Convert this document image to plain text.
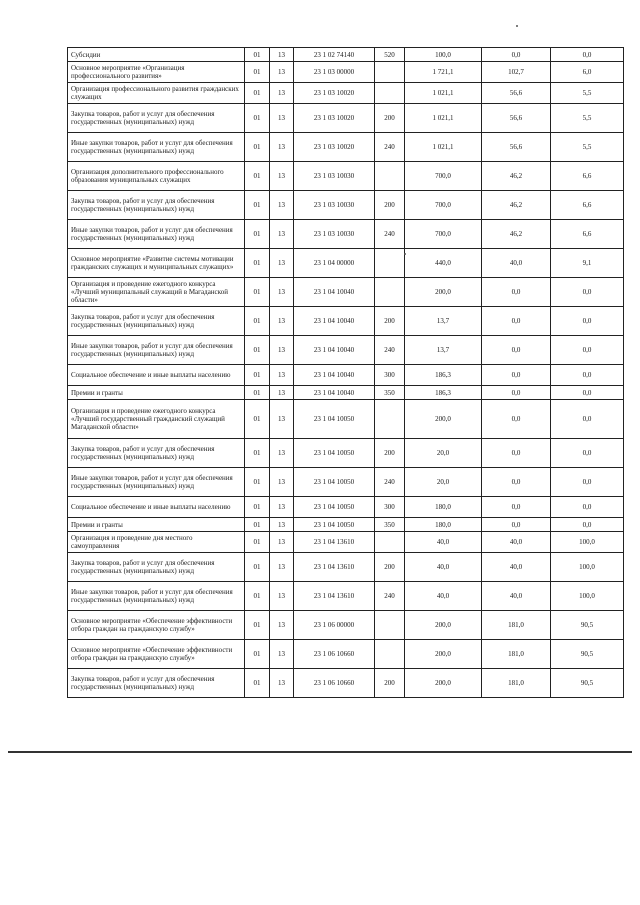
Субсидии	01	13	23 1 02 74140	520	100,0	0,0	0,0
Основное мероприятие «Организация профессионального развития»	01	13	23 1 03 00000		1 721,1	102,7	6,0
Организация профессионального развития гражданских служащих	01	13	23 1 03 10020		1 021,1	56,6	5,5
Закупка товаров, работ и услуг для обеспечения государственных (муниципальных) нужд	01	13	23 1 03 10020	200	1 021,1	56,6	5,5
Иные закупки товаров, работ и услуг для обеспечения государственных (муниципальных) нужд	01	13	23 1 03 10020	240	1 021,1	56,6	5,5
Организация дополнительного профессионального образования муниципальных служащих	01	13	23 1 03 10030		700,0	46,2	6,6
Закупка товаров, работ и услуг для обеспечения государственных (муниципальных) нужд	01	13	23 1 03 10030	200	700,0	46,2	6,6
Иные закупки товаров, работ и услуг для обеспечения государственных (муниципальных) нужд	01	13	23 1 03 10030	240	700,0	46,2	6,6
Основное мероприятие «Развитие системы мотивации гражданских служащих и муниципальных служащих»	01	13	23 1 04 00000		440,0	40,0	9,1
Организация и проведение ежегодного конкурса «Лучший муниципальный служащий в Магаданской области»	01	13	23 1 04 10040		200,0	0,0	0,0
Закупка товаров, работ и услуг для обеспечения государственных (муниципальных) нужд	01	13	23 1 04 10040	200	13,7	0,0	0,0
Иные закупки товаров, работ и услуг для обеспечения государственных (муниципальных) нужд	01	13	23 1 04 10040	240	13,7	0,0	0,0
Социальное обеспечение и иные выплаты населению	01	13	23 1 04 10040	300	186,3	0,0	0,0
Премии и гранты	01	13	23 1 04 10040	350	186,3	0,0	0,0
Организация и проведение ежегодного конкурса «Лучший государственный гражданский служащий Магаданской области»	01	13	23 1 04 10050		200,0	0,0	0,0
Закупка товаров, работ и услуг для обеспечения государственных (муниципальных) нужд	01	13	23 1 04 10050	200	20,0	0,0	0,0
Иные закупки товаров, работ и услуг для обеспечения государственных (муниципальных) нужд	01	13	23 1 04 10050	240	20,0	0,0	0,0
Социальное обеспечение и иные выплаты населению	01	13	23 1 04 10050	300	180,0	0,0	0,0
Премии и гранты	01	13	23 1 04 10050	350	180,0	0,0	0,0
Организация и проведение дня местного самоуправления	01	13	23 1 04 13610		40,0	40,0	100,0
Закупка товаров, работ и услуг для обеспечения государственных (муниципальных) нужд	01	13	23 1 04 13610	200	40,0	40,0	100,0
Иные закупки товаров, работ и услуг для обеспечения государственных (муниципальных) нужд	01	13	23 1 04 13610	240	40,0	40,0	100,0
Основное мероприятие «Обеспечение эффективности отбора граждан на гражданскую службу»	01	13	23 1 06 00000		200,0	181,0	90,5
Основное мероприятие «Обеспечение эффективности отбора граждан на гражданскую службу»	01	13	23 1 06 10660		200,0	181,0	90,5
Закупка товаров, работ и услуг для обеспечения государственных (муниципальных) нужд	01	13	23 1 06 10660	200	200,0	181,0	90,5
